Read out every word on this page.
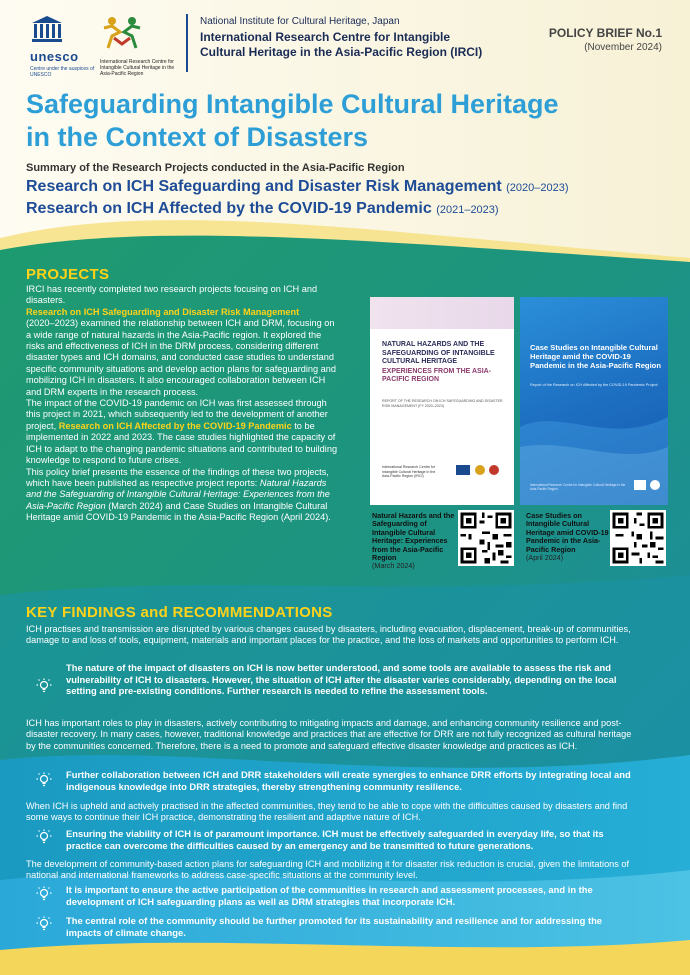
unesco
Centre under the auspices of UNESCO
International Research Centre for Intangible Cultural Heritage in the Asia-Pacific Region
National Institute for Cultural Heritage, Japan
International Research Centre for Intangible
Cultural Heritage in the Asia-Pacific Region (IRCI)
POLICY BRIEF No.1
(November 2024)
Safeguarding Intangible Cultural Heritage
in the Context of Disasters
Summary of the Research Projects conducted in the Asia-Pacific Region
Research on ICH Safeguarding and Disaster Risk Management (2020–2023)
Research on ICH Affected by the COVID-19 Pandemic (2021–2023)
PROJECTS
IRCI has recently completed two research projects focusing on ICH and disasters.
Research on ICH Safeguarding and Disaster Risk Management
(2020–2023) examined the relationship between ICH and DRM, focusing on a wide range of natural hazards in the Asia-Pacific region. It explored the risks and effectiveness of ICH in the DRM process, considering different disaster types and ICH domains, and conducted case studies to understand specific community situations and develop action plans for safeguarding and mobilizing ICH in disasters. It also encouraged collaboration between ICH and DRM experts in the research process.
The impact of the COVID-19 pandemic on ICH was first assessed through this project in 2021, which subsequently led to the development of another project, Research on ICH Affected by the COVID-19 Pandemic to be implemented in 2022 and 2023. The case studies highlighted the capacity of ICH to adapt to the changing pandemic situations and contributed to building knowledge to respond to future crises.
This policy brief presents the essence of the findings of these two projects, which have been published as respective project reports: Natural Hazards and the Safeguarding of Intangible Cultural Heritage: Experiences from the Asia-Pacific Region (March 2024) and Case Studies on Intangible Cultural Heritage amid COVID-19 Pandemic in the Asia-Pacific Region (April 2024).
NATURAL HAZARDS AND THE SAFEGUARDING OF INTANGIBLE CULTURAL HERITAGE
EXPERIENCES FROM THE ASIA-PACIFIC REGION
REPORT OF THE RESEARCH ON ICH SAFEGUARDING AND DISASTER RISK MANAGEMENT (FY 2020–2023)
International Research Centre for Intangible Cultural Heritage in the Asia-Pacific Region (IRCI)
Case Studies on Intangible Cultural Heritage amid the COVID-19 Pandemic in the Asia-Pacific Region
Report of the Research on ICH Affected by the COVID-19 Pandemic Project
International Research Centre for Intangible Cultural Heritage in the Asia-Pacific Region
Natural Hazards and the Safeguarding of Intangible Cultural Heritage: Experiences from the Asia-Pacific Region
(March 2024)
Case Studies on Intangible Cultural Heritage amid COVID-19 Pandemic in the Asia-Pacific Region
(April 2024)
KEY FINDINGS and RECOMMENDATIONS
ICH practises and transmission are disrupted by various changes caused by disasters, including evacuation, displacement, break-up of communities, damage to and loss of tools, equipment, materials and important places for the practice, and the loss of markets and opportunities to perform ICH.
The nature of the impact of disasters on ICH is now better understood, and some tools are available to assess the risk and vulnerability of ICH to disasters. However, the situation of ICH after the disaster varies considerably, depending on the local setting and pre-existing conditions. Further research is needed to refine the assessment tools.
ICH has important roles to play in disasters, actively contributing to mitigating impacts and damage, and enhancing community resilience and post-disaster recovery. In many cases, however, traditional knowledge and practices that are effective for DRR are not fully recognized as cultural heritage by the communities concerned. Therefore, there is a need to promote and safeguard effective disaster knowledge and practices as ICH.
Further collaboration between ICH and DRR stakeholders will create synergies to enhance DRR efforts by integrating local and indigenous knowledge into DRR strategies, thereby strengthening community resilience.
When ICH is upheld and actively practised in the affected communities, they tend to be able to cope with the difficulties caused by disasters and find some ways to continue their ICH practice, demonstrating the resilient and adaptive nature of ICH.
Ensuring the viability of ICH is of paramount importance. ICH must be effectively safeguarded in everyday life, so that its practice can overcome the difficulties caused by an emergency and be transmitted to future generations.
The development of community-based action plans for safeguarding ICH and mobilizing it for disaster risk reduction is crucial, given the limitations of national and international frameworks to address case-specific situations at the community level.
It is important to ensure the active participation of the communities in research and assessment processes, and in the development of ICH safeguarding plans as well as DRM strategies that incorporate ICH.
The central role of the community should be further promoted for its sustainability and resilience and for addressing the impacts of climate change.
